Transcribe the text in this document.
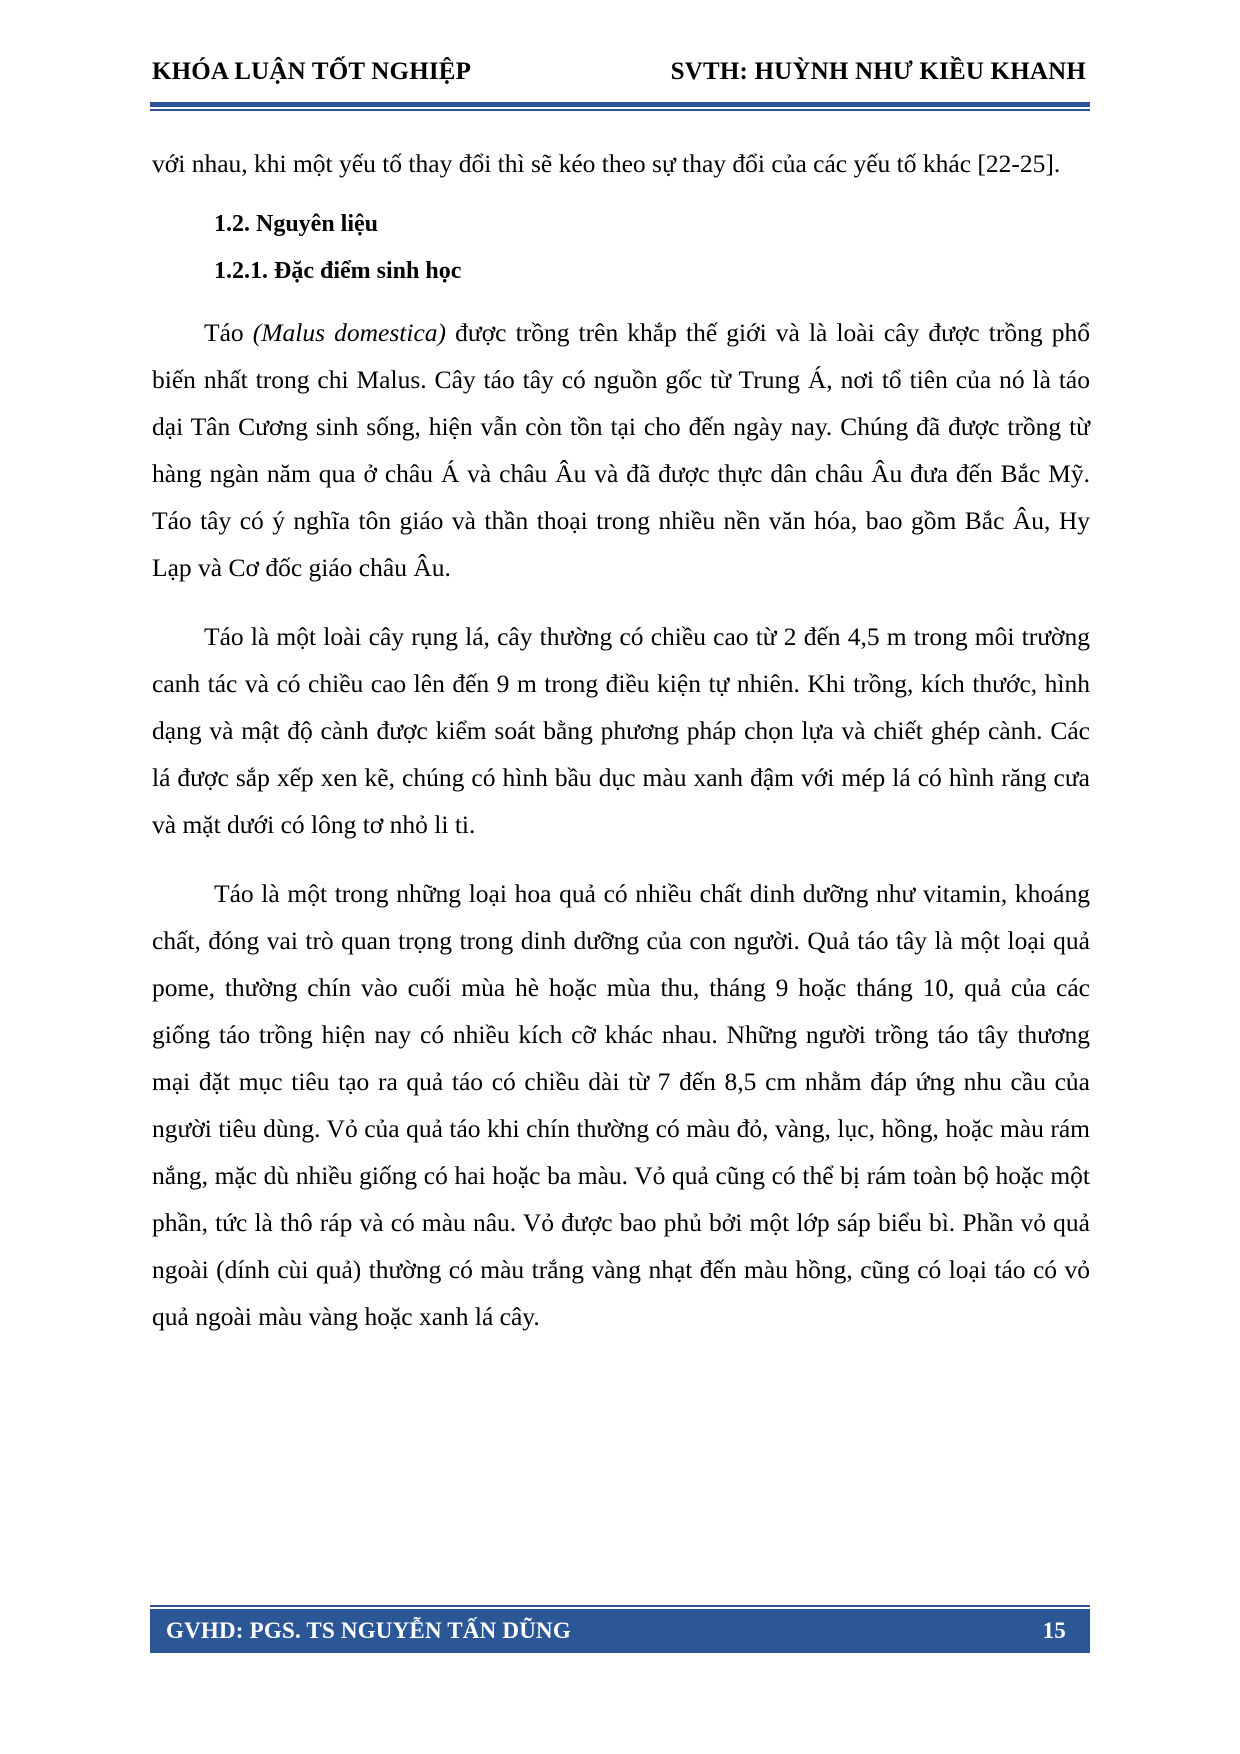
KHÓA LUẬN TỐT NGHIỆP	SVTH: HUỲNH NHƯ KIỀU KHANH

với nhau, khi một yếu tố thay đổi thì sẽ kéo theo sự thay đổi của các yếu tố khác [22-25].

1.2. Nguyên liệu
1.2.1. Đặc điểm sinh học

Táo (Malus domestica) được trồng trên khắp thế giới và là loài cây được trồng phổ biến nhất trong chi Malus. Cây táo tây có nguồn gốc từ Trung Á, nơi tổ tiên của nó là táo dại Tân Cương sinh sống, hiện vẫn còn tồn tại cho đến ngày nay. Chúng đã được trồng từ hàng ngàn năm qua ở châu Á và châu Âu và đã được thực dân châu Âu đưa đến Bắc Mỹ. Táo tây có ý nghĩa tôn giáo và thần thoại trong nhiều nền văn hóa, bao gồm Bắc Âu, Hy Lạp và Cơ đốc giáo châu Âu.

Táo là một loài cây rụng lá, cây thường có chiều cao từ 2 đến 4,5 m trong môi trường canh tác và có chiều cao lên đến 9 m trong điều kiện tự nhiên. Khi trồng, kích thước, hình dạng và mật độ cành được kiểm soát bằng phương pháp chọn lựa và chiết ghép cành. Các lá được sắp xếp xen kẽ, chúng có hình bầu dục màu xanh đậm với mép lá có hình răng cưa và mặt dưới có lông tơ nhỏ li ti.

Táo là một trong những loại hoa quả có nhiều chất dinh dưỡng như vitamin, khoáng chất, đóng vai trò quan trọng trong dinh dưỡng của con người. Quả táo tây là một loại quả pome, thường chín vào cuối mùa hè hoặc mùa thu, tháng 9 hoặc tháng 10, quả của các giống táo trồng hiện nay có nhiều kích cỡ khác nhau. Những người trồng táo tây thương mại đặt mục tiêu tạo ra quả táo có chiều dài từ 7 đến 8,5 cm nhằm đáp ứng nhu cầu của người tiêu dùng. Vỏ của quả táo khi chín thường có màu đỏ, vàng, lục, hồng, hoặc màu rám nắng, mặc dù nhiều giống có hai hoặc ba màu. Vỏ quả cũng có thể bị rám toàn bộ hoặc một phần, tức là thô ráp và có màu nâu. Vỏ được bao phủ bởi một lớp sáp biểu bì. Phần vỏ quả ngoài (dính cùi quả) thường có màu trắng vàng nhạt đến màu hồng, cũng có loại táo có vỏ quả ngoài màu vàng hoặc xanh lá cây.

GVHD: PGS. TS NGUYỄN TẤN DŨNG	15
